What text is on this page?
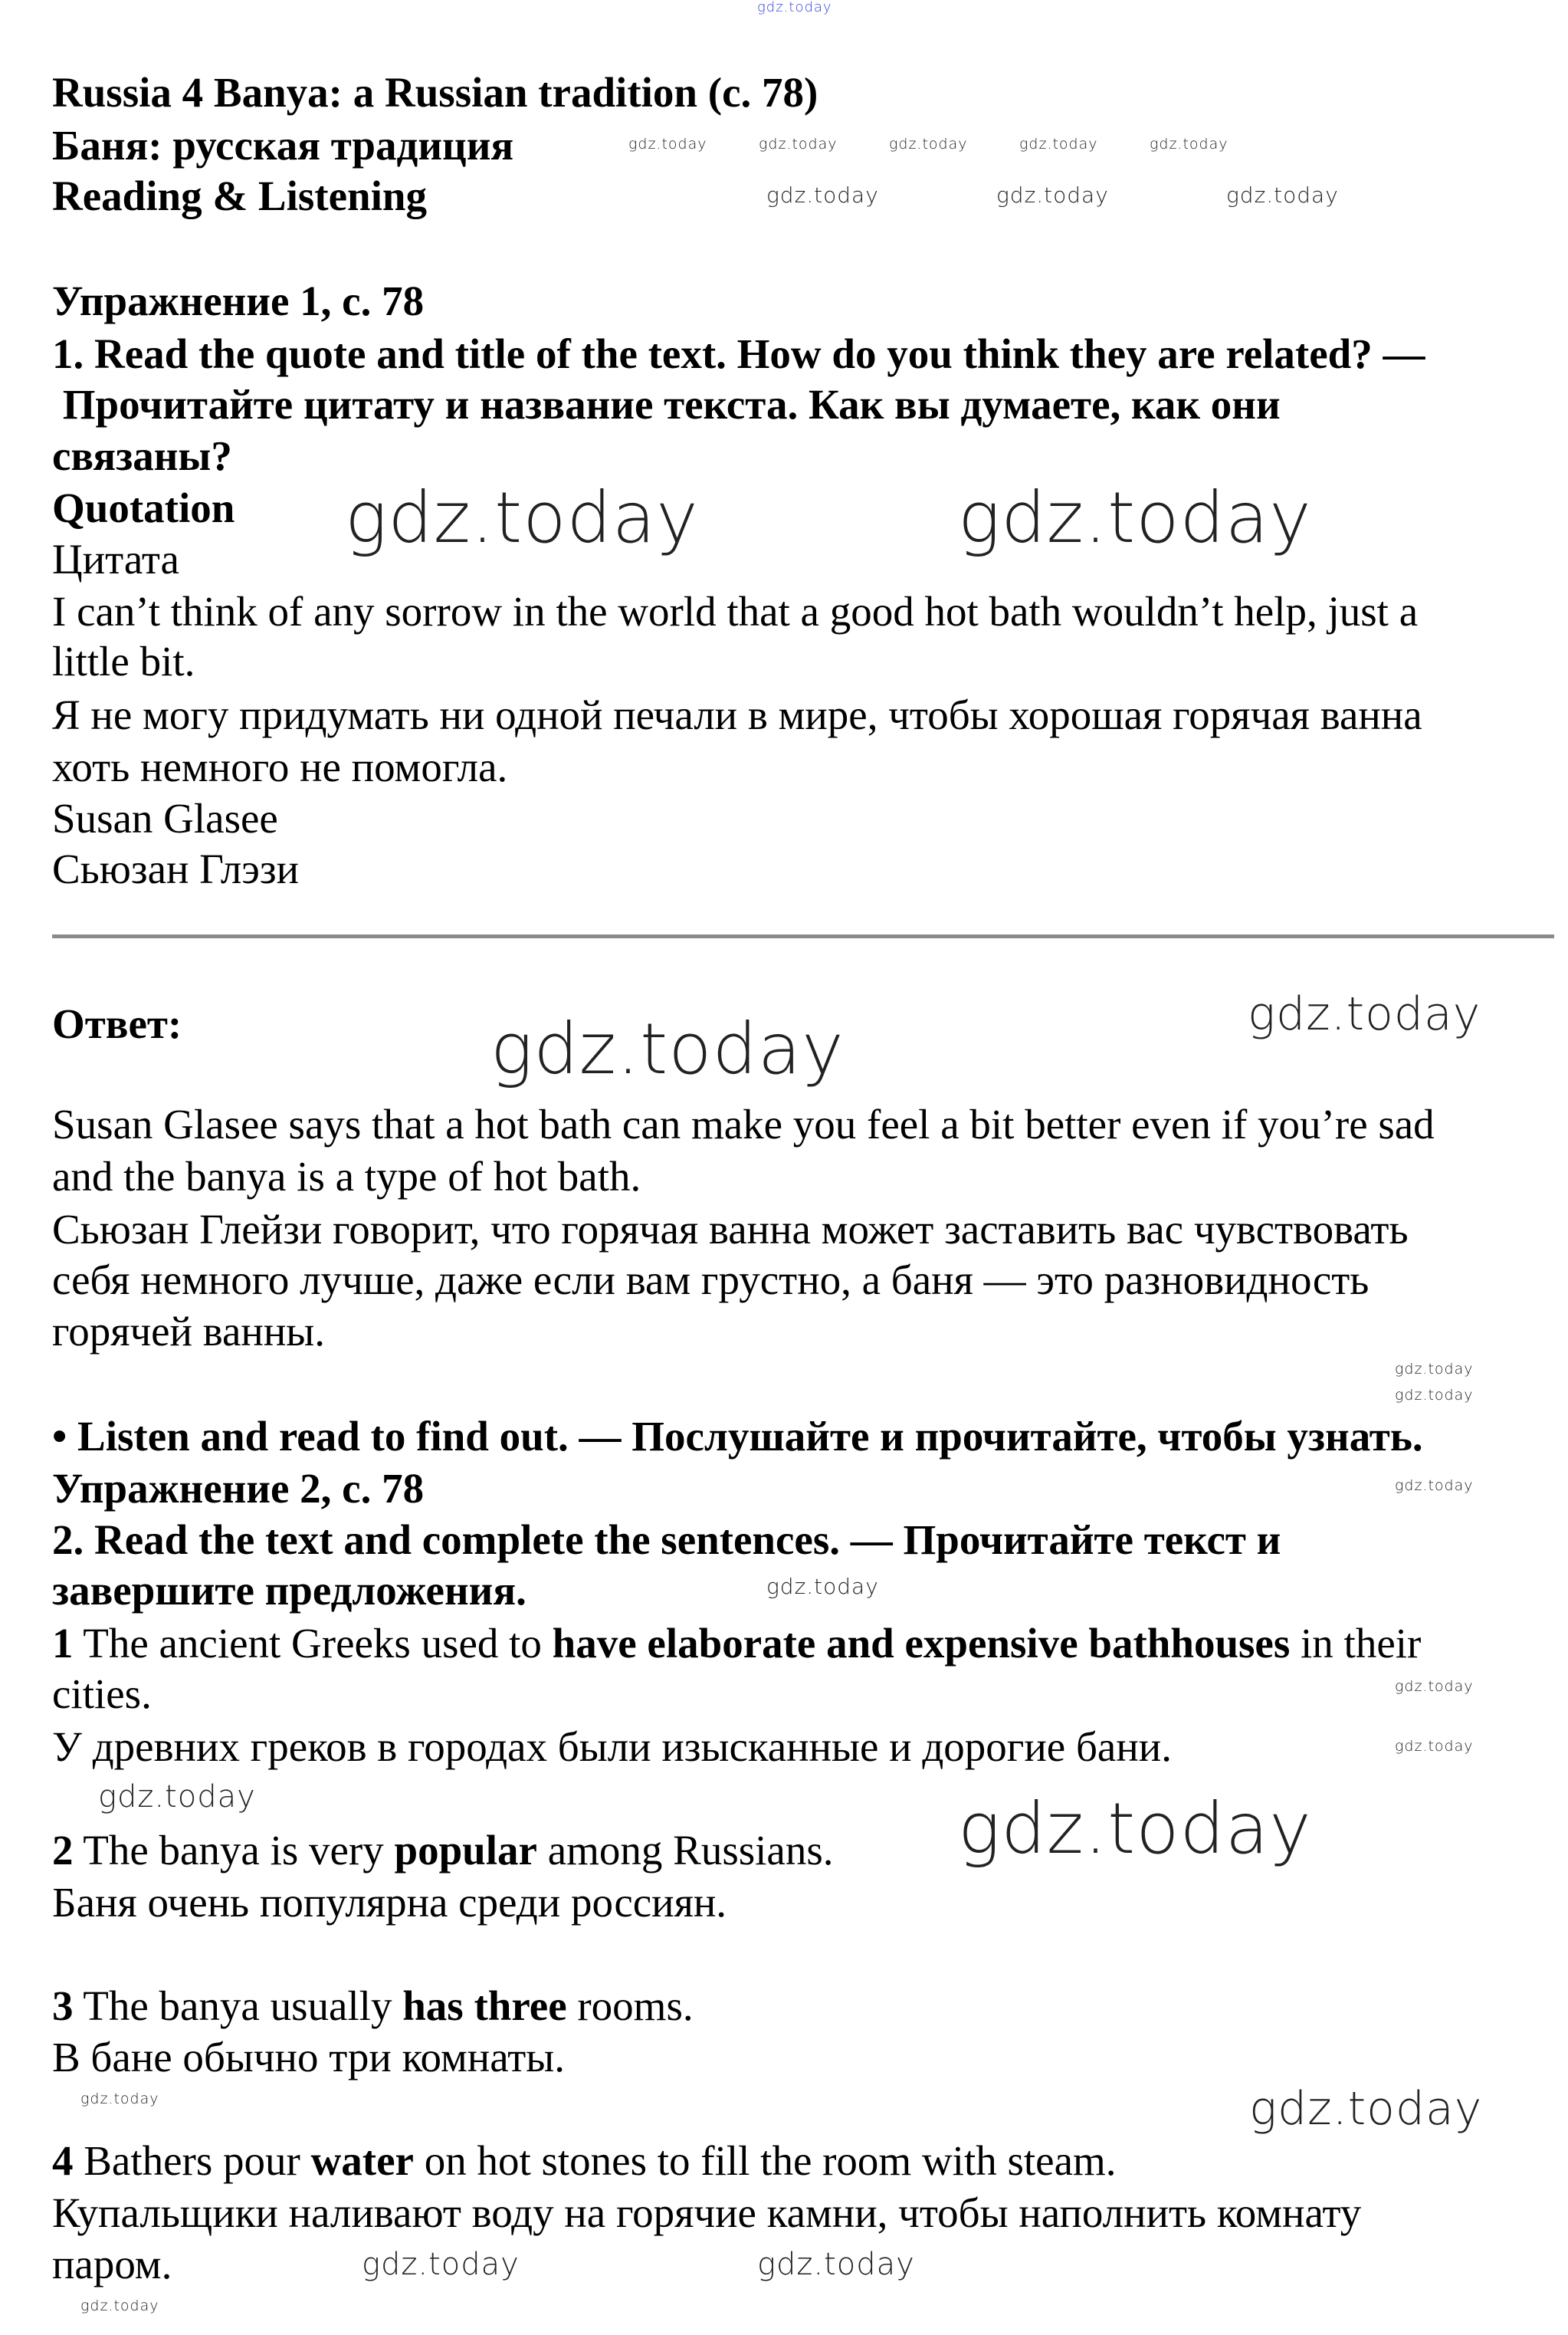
gdz.today
gdz.today	gdz.today	gdz.today	gdz.today	gdz.today
gdz.today	gdz.today	gdz.today
gdz.today	gdz.today
gdz.today
gdz.today
gdz.today
gdz.today
gdz.today
gdz.today
gdz.today
gdz.today
gdz.today
gdz.today
gdz.today	gdz.today
gdz.today
gdz.today	gdz.today
Russia 4 Banya: a Russian tradition (с. 78)
Баня: русская традиция
Reading & Listening
Упражнение 1, с. 78
1. Read the quote and title of the text. How do you think they are related? —
Прочитайте цитату и название текста. Как вы думаете, как они
связаны?
Quotation
Цитата
I can’t think of any sorrow in the world that a good hot bath wouldn’t help, just a
little bit.
Я не могу придумать ни одной печали в мире, чтобы хорошая горячая ванна
хоть немного не помогла.
Susan Glasee
Сьюзан Глэзи
Ответ:
Susan Glasee says that a hot bath can make you feel a bit better even if you’re sad
and the banya is a type of hot bath.
Сьюзан Глейзи говорит, что горячая ванна может заставить вас чувствовать
себя немного лучше, даже если вам грустно, а баня — это разновидность
горячей ванны.
• Listen and read to find out. — Послушайте и прочитайте, чтобы узнать.
Упражнение 2, с. 78
2. Read the text and complete the sentences. — Прочитайте текст и
завершите предложения.
1 The ancient Greeks used to have elaborate and expensive bathhouses in their
cities.
У древних греков в городах были изысканные и дорогие бани.
2 The banya is very popular among Russians.
Баня очень популярна среди россиян.
3 The banya usually has three rooms.
В бане обычно три комнаты.
4 Bathers pour water on hot stones to fill the room with steam.
Купальщики наливают воду на горячие камни, чтобы наполнить комнату
паром.
